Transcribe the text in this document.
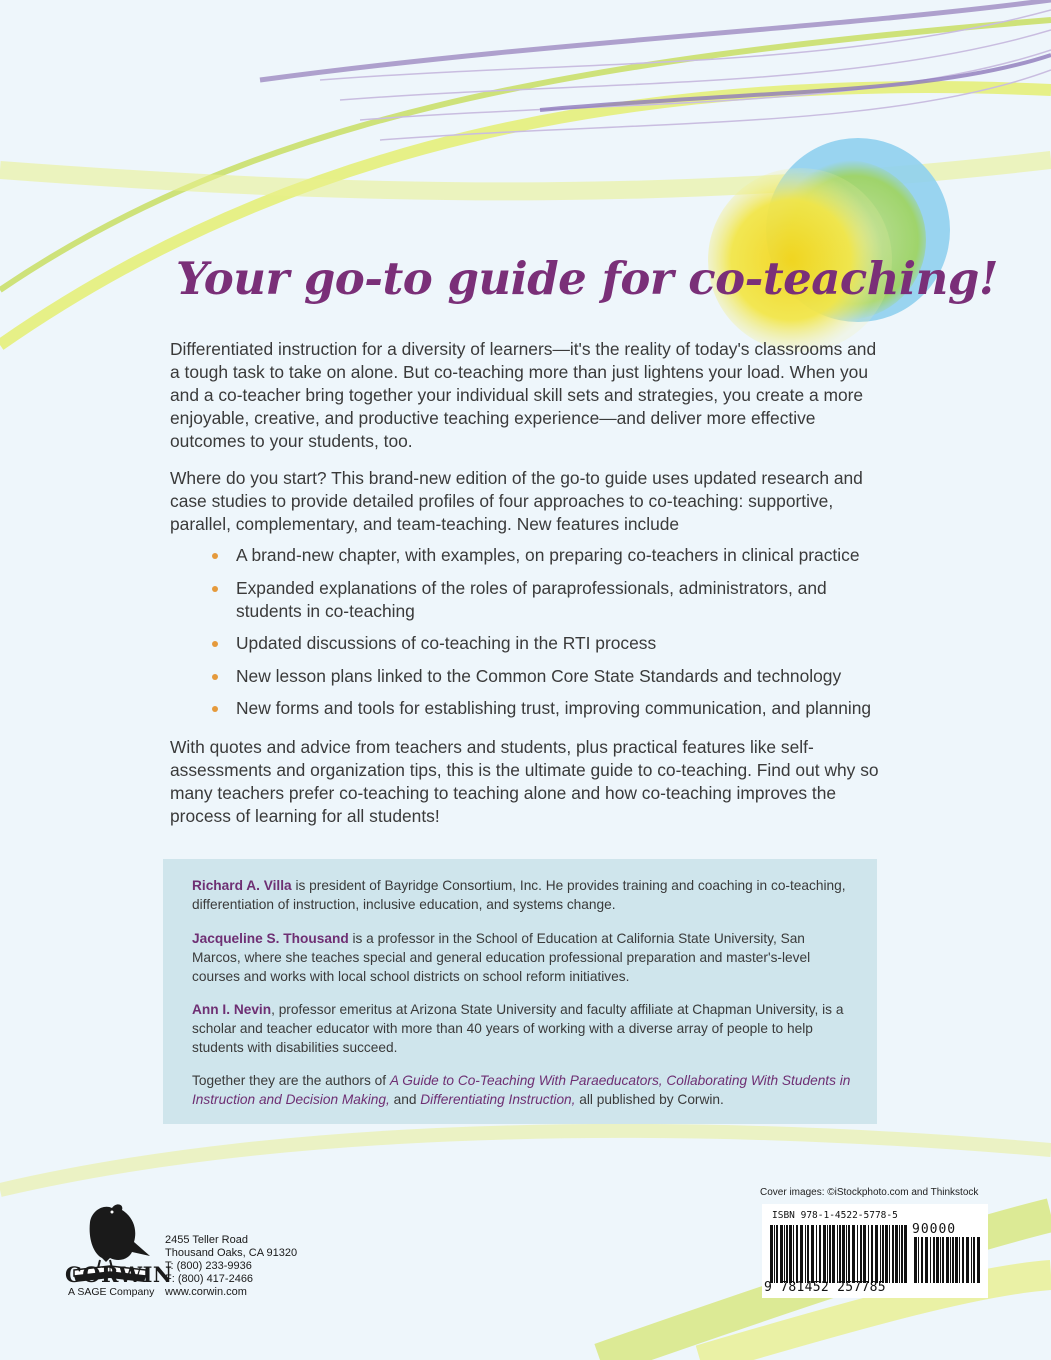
Your go-to guide for co-teaching!

Differentiated instruction for a diversity of learners—it's the reality of today's classrooms and a tough task to take on alone. But co-teaching more than just lightens your load. When you and a co-teacher bring together your individual skill sets and strategies, you create a more enjoyable, creative, and productive teaching experience—and deliver more effective outcomes to your students, too.

Where do you start? This brand-new edition of the go-to guide uses updated research and case studies to provide detailed profiles of four approaches to co-teaching: supportive, parallel, complementary, and team-teaching. New features include

A brand-new chapter, with examples, on preparing co-teachers in clinical practice
Expanded explanations of the roles of paraprofessionals, administrators, and students in co-teaching
Updated discussions of co-teaching in the RTI process
New lesson plans linked to the Common Core State Standards and technology
New forms and tools for establishing trust, improving communication, and planning

With quotes and advice from teachers and students, plus practical features like self-assessments and organization tips, this is the ultimate guide to co-teaching. Find out why so many teachers prefer co-teaching to teaching alone and how co-teaching improves the process of learning for all students!

Richard A. Villa is president of Bayridge Consortium, Inc. He provides training and coaching in co-teaching, differentiation of instruction, inclusive education, and systems change.

Jacqueline S. Thousand is a professor in the School of Education at California State University, San Marcos, where she teaches special and general education professional preparation and master's-level courses and works with local school districts on school reform initiatives.

Ann I. Nevin, professor emeritus at Arizona State University and faculty affiliate at Chapman University, is a scholar and teacher educator with more than 40 years of working with a diverse array of people to help students with disabilities succeed.

Together they are the authors of A Guide to Co-Teaching With Paraeducators, Collaborating With Students in Instruction and Decision Making, and Differentiating Instruction, all published by Corwin.

CORWIN
A SAGE Company
2455 Teller Road
Thousand Oaks, CA 91320
T: (800) 233-9936
F: (800) 417-2466
www.corwin.com
Cover images: ©iStockphoto.com and Thinkstock
ISBN 978-1-4522-5778-5
90000
9 781452 257785
